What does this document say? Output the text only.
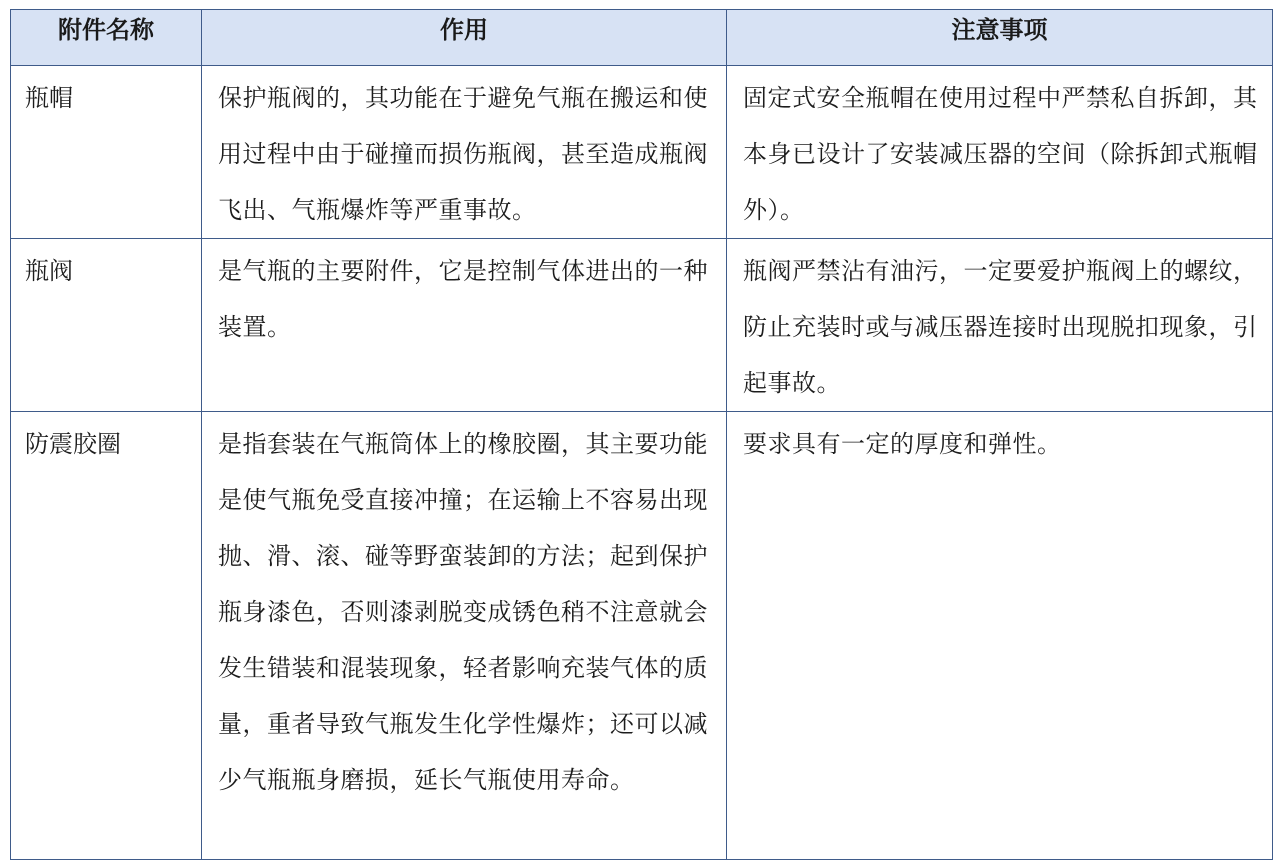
附件名称	作用	注意事项
瓶帽	保护瓶阀的，其功能在于避免气瓶在搬运和使用过程中由于碰撞而损伤瓶阀，甚至造成瓶阀飞出、气瓶爆炸等严重事故。	固定式安全瓶帽在使用过程中严禁私自拆卸，其本身已设计了安装减压器的空间（除拆卸式瓶帽外）。
瓶阀	是气瓶的主要附件，它是控制气体进出的一种装置。	瓶阀严禁沾有油污，一定要爱护瓶阀上的螺纹，防止充装时或与减压器连接时出现脱扣现象，引起事故。
防震胶圈	是指套装在气瓶筒体上的橡胶圈，其主要功能是使气瓶免受直接冲撞；在运输上不容易出现抛、滑、滚、碰等野蛮装卸的方法；起到保护瓶身漆色，否则漆剥脱变成锈色稍不注意就会发生错装和混装现象，轻者影响充装气体的质量，重者导致气瓶发生化学性爆炸；还可以减少气瓶瓶身磨损，延长气瓶使用寿命。	要求具有一定的厚度和弹性。
